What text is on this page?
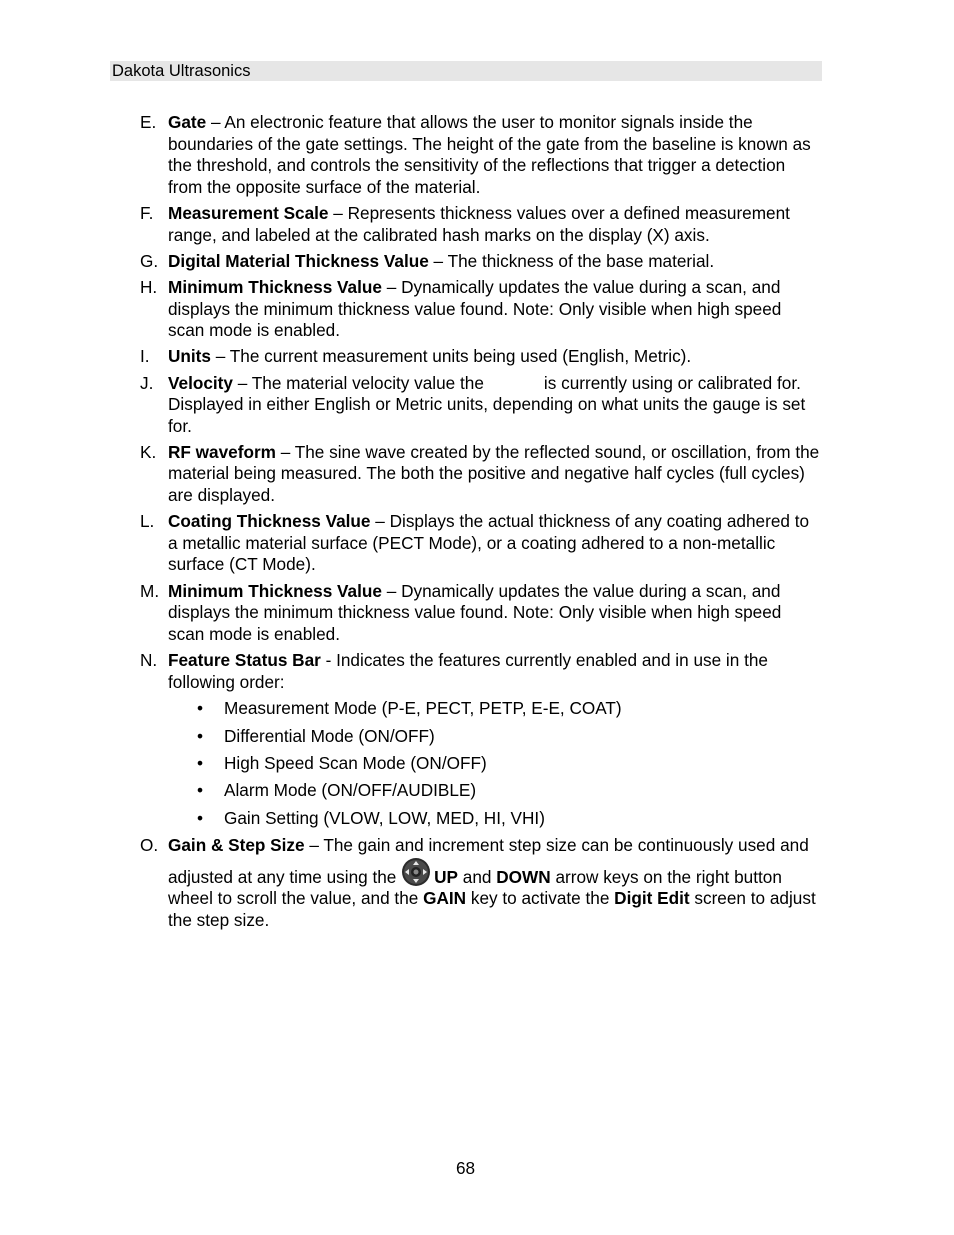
Dakota Ultrasonics
E. Gate – An electronic feature that allows the user to monitor signals inside the boundaries of the gate settings. The height of the gate from the baseline is known as the threshold, and controls the sensitivity of the reflections that trigger a detection from the opposite surface of the material.
F. Measurement Scale – Represents thickness values over a defined measurement range, and labeled at the calibrated hash marks on the display (X) axis.
G. Digital Material Thickness Value – The thickness of the base material.
H. Minimum Thickness Value – Dynamically updates the value during a scan, and displays the minimum thickness value found. Note: Only visible when high speed scan mode is enabled.
I. Units – The current measurement units being used (English, Metric).
J. Velocity – The material velocity value the	is currently using or calibrated for. Displayed in either English or Metric units, depending on what units the gauge is set for.
K. RF waveform – The sine wave created by the reflected sound, or oscillation, from the material being measured. The both the positive and negative half cycles (full cycles) are displayed.
L. Coating Thickness Value – Displays the actual thickness of any coating adhered to a metallic material surface (PECT Mode), or a coating adhered to a non-metallic surface (CT Mode).
M. Minimum Thickness Value – Dynamically updates the value during a scan, and displays the minimum thickness value found. Note: Only visible when high speed scan mode is enabled.
N. Feature Status Bar - Indicates the features currently enabled and in use in the following order:
• Measurement Mode (P-E, PECT, PETP, E-E, COAT)
• Differential Mode (ON/OFF)
• High Speed Scan Mode (ON/OFF)
• Alarm Mode (ON/OFF/AUDIBLE)
• Gain Setting (VLOW, LOW, MED, HI, VHI)
O. Gain & Step Size – The gain and increment step size can be continuously used and adjusted at any time using the UP and DOWN arrow keys on the right button wheel to scroll the value, and the GAIN key to activate the Digit Edit screen to adjust the step size.
68
